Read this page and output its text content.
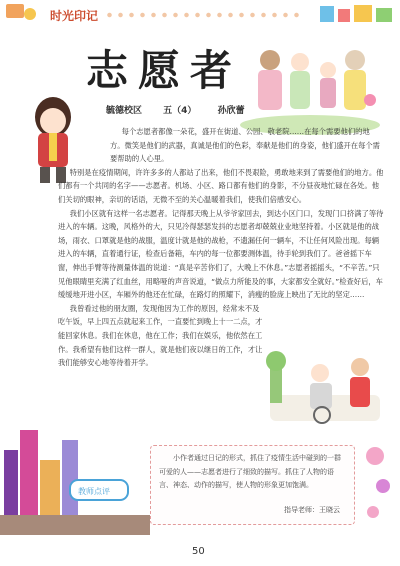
时光印记
志愿者
毓德校区 五（4） 孙欣蕾

每个志愿者都像一朵花，盛开在街道、公园、敬老院……在每个需要他们的地方。微笑是他们的武器，真诚是他们的色彩，奉献是他们的身姿，他们盛开在每个需要帮助的人心里。

特别是在疫情期间，许许多多的人都站了出来，他们不畏艰险，勇敢地来到了需要他们的地方。他们都有一个共同的名字——志愿者。机场、小区、路口都有他们的身影，不分昼夜地忙碌在各处。他们关切的眼神，亲切的话语，无微不至的关心温暖着我们，使我们倍感安心。

我们小区就有这样一名志愿者。记得那天晚上从爷爷家回去，到达小区门口，发现门口挤满了等待进入的车辆。这晚，风格外的大，只见冷得瑟瑟发抖的志愿者却兢兢业业地坚持着。小区就是他的战场，雨衣、口罩就是他的战服，温度计就是他的战枪，不遗漏任何一辆车，不让任何风险出现。每辆进入的车辆，直着通行证，检查后备箱，车内的每一位都要测体温，待手轮到我们了。爸爸摇下车窗，伸出手臂等待测量体温的说道：“真是辛苦你们了，大晚上不休息。”志愿者摇摇头，“不辛苦。”只见他眼睛里充满了红血丝，用略哑的声音说道，“做点力所能及的事，大家都安全就好。”检查好后，车缓缓地开进小区，车厢外的他还在忙碌，在路灯的照耀下，消瘦的脸庞上映出了无比的坚定……

我曾看过他的朋友圈，发现他因为工作的原因，经常未不及吃午饭，早上四五点就起来工作，一直要忙到晚上十一二点，才能回家休息。我们在休息，他在工作；我们在娱乐，他依然在工作。我希望有他们这样一群人，就是他们夜以继日的工作，才让我们能够安心地等待着开学。

教师点评
小作者通过日记的形式，抓住了疫情生活中碰到的一群可爱的人——志愿者进行了细致的描写。抓住了人物的语言、神态、动作的描写，使人物的形象更加饱满。
指导老师：王晓云
50
